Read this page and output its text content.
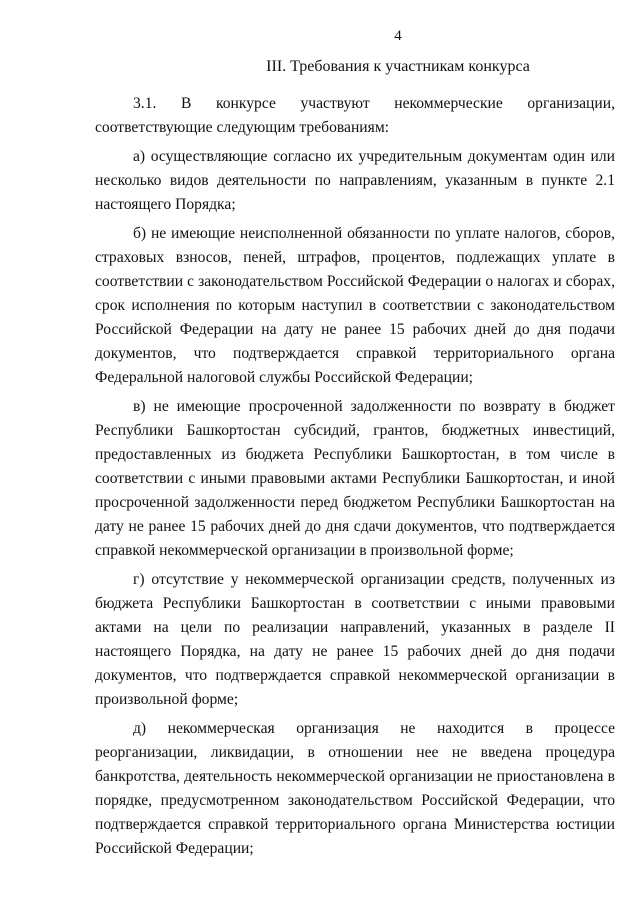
4
III. Требования к участникам конкурса

3.1. В конкурсе участвуют некоммерческие организации, соответствующие следующим требованиям:

а) осуществляющие согласно их учредительным документам один или несколько видов деятельности по направлениям, указанным в пункте 2.1 настоящего Порядка;

б) не имеющие неисполненной обязанности по уплате налогов, сборов, страховых взносов, пеней, штрафов, процентов, подлежащих уплате в соответствии с законодательством Российской Федерации о налогах и сборах, срок исполнения по которым наступил в соответствии с законодательством Российской Федерации на дату не ранее 15 рабочих дней до дня подачи документов, что подтверждается справкой территориального органа Федеральной налоговой службы Российской Федерации;

в) не имеющие просроченной задолженности по возврату в бюджет Республики Башкортостан субсидий, грантов, бюджетных инвестиций, предоставленных из бюджета Республики Башкортостан, в том числе в соответствии с иными правовыми актами Республики Башкортостан, и иной просроченной задолженности перед бюджетом Республики Башкортостан на дату не ранее 15 рабочих дней до дня сдачи документов, что подтверждается справкой некоммерческой организации в произвольной форме;

г) отсутствие у некоммерческой организации средств, полученных из бюджета Республики Башкортостан в соответствии с иными правовыми актами на цели по реализации направлений, указанных в разделе II настоящего Порядка, на дату не ранее 15 рабочих дней до дня подачи документов, что подтверждается справкой некоммерческой организации в произвольной форме;

д) некоммерческая организация не находится в процессе реорганизации, ликвидации, в отношении нее не введена процедура банкротства, деятельность некоммерческой организации не приостановлена в порядке, предусмотренном законодательством Российской Федерации, что подтверждается справкой территориального органа Министерства юстиции Российской Федерации;
